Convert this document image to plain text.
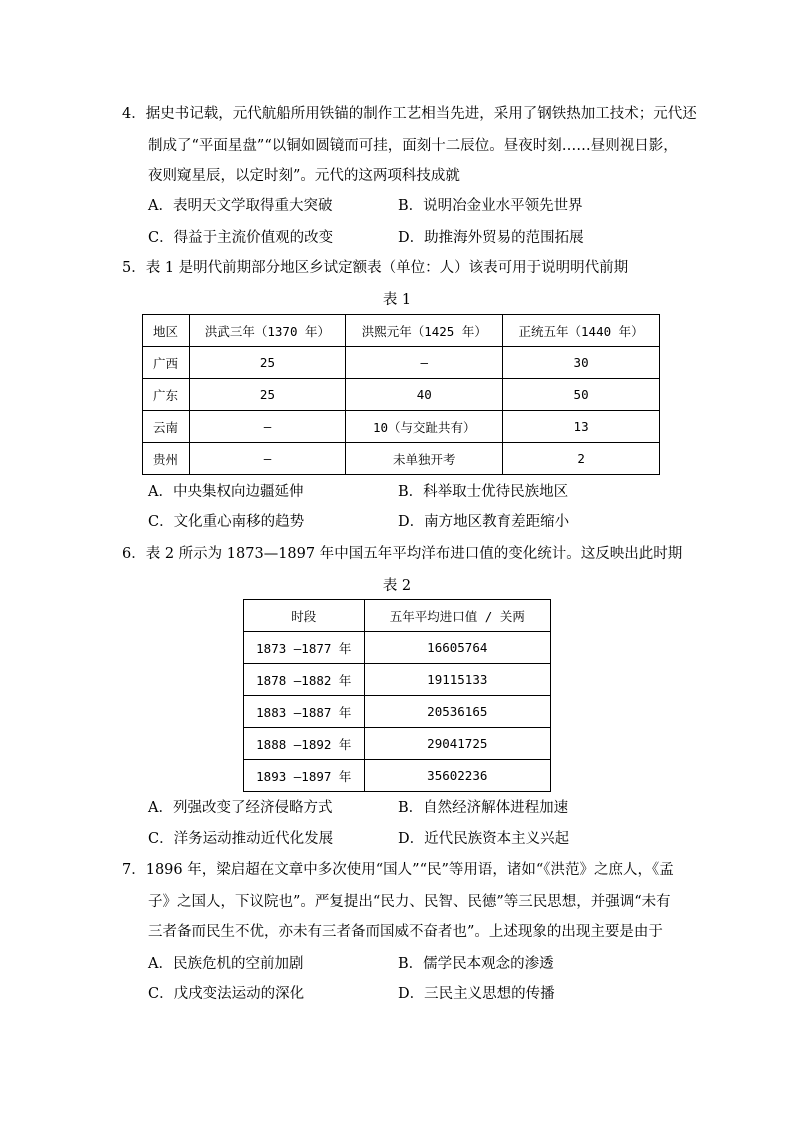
4．据史书记载，元代航船所用铁锚的制作工艺相当先进，采用了钢铁热加工技术；元代还
制成了“平面星盘”“以铜如圆镜而可挂，面刻十二辰位。昼夜时刻……昼则视日影，
夜则窥星辰，以定时刻”。元代的这两项科技成就
A．表明天文学取得重大突破	B．说明冶金业水平领先世界
C．得益于主流价值观的改变	D．助推海外贸易的范围拓展
5．表 1 是明代前期部分地区乡试定额表（单位：人）该表可用于说明明代前期
表 1
地区	洪武三年（1370 年）	洪熙元年（1425 年）	正统五年（1440 年）
广西	25	—	30
广东	25	40	50
云南	—	10（与交趾共有）	13
贵州	—	未单独开考	2
A．中央集权向边疆延伸	B．科举取士优待民族地区
C．文化重心南移的趋势	D．南方地区教育差距缩小
6．表 2 所示为 1873—1897 年中国五年平均洋布进口值的变化统计。这反映出此时期
表 2
时段	五年平均进口值 / 关两
1873 —1877 年	16605764
1878 —1882 年	19115133
1883 —1887 年	20536165
1888 —1892 年	29041725
1893 —1897 年	35602236
A．列强改变了经济侵略方式	B．自然经济解体进程加速
C．洋务运动推动近代化发展	D．近代民族资本主义兴起
7．1896 年，梁启超在文章中多次使用“国人”“民”等用语，诸如“《洪范》之庶人，《孟
子》之国人，下议院也”。严复提出“民力、民智、民德”等三民思想，并强调“未有
三者备而民生不优，亦未有三者备而国威不奋者也”。上述现象的出现主要是由于
A．民族危机的空前加剧	B．儒学民本观念的渗透
C．戊戌变法运动的深化	D．三民主义思想的传播
